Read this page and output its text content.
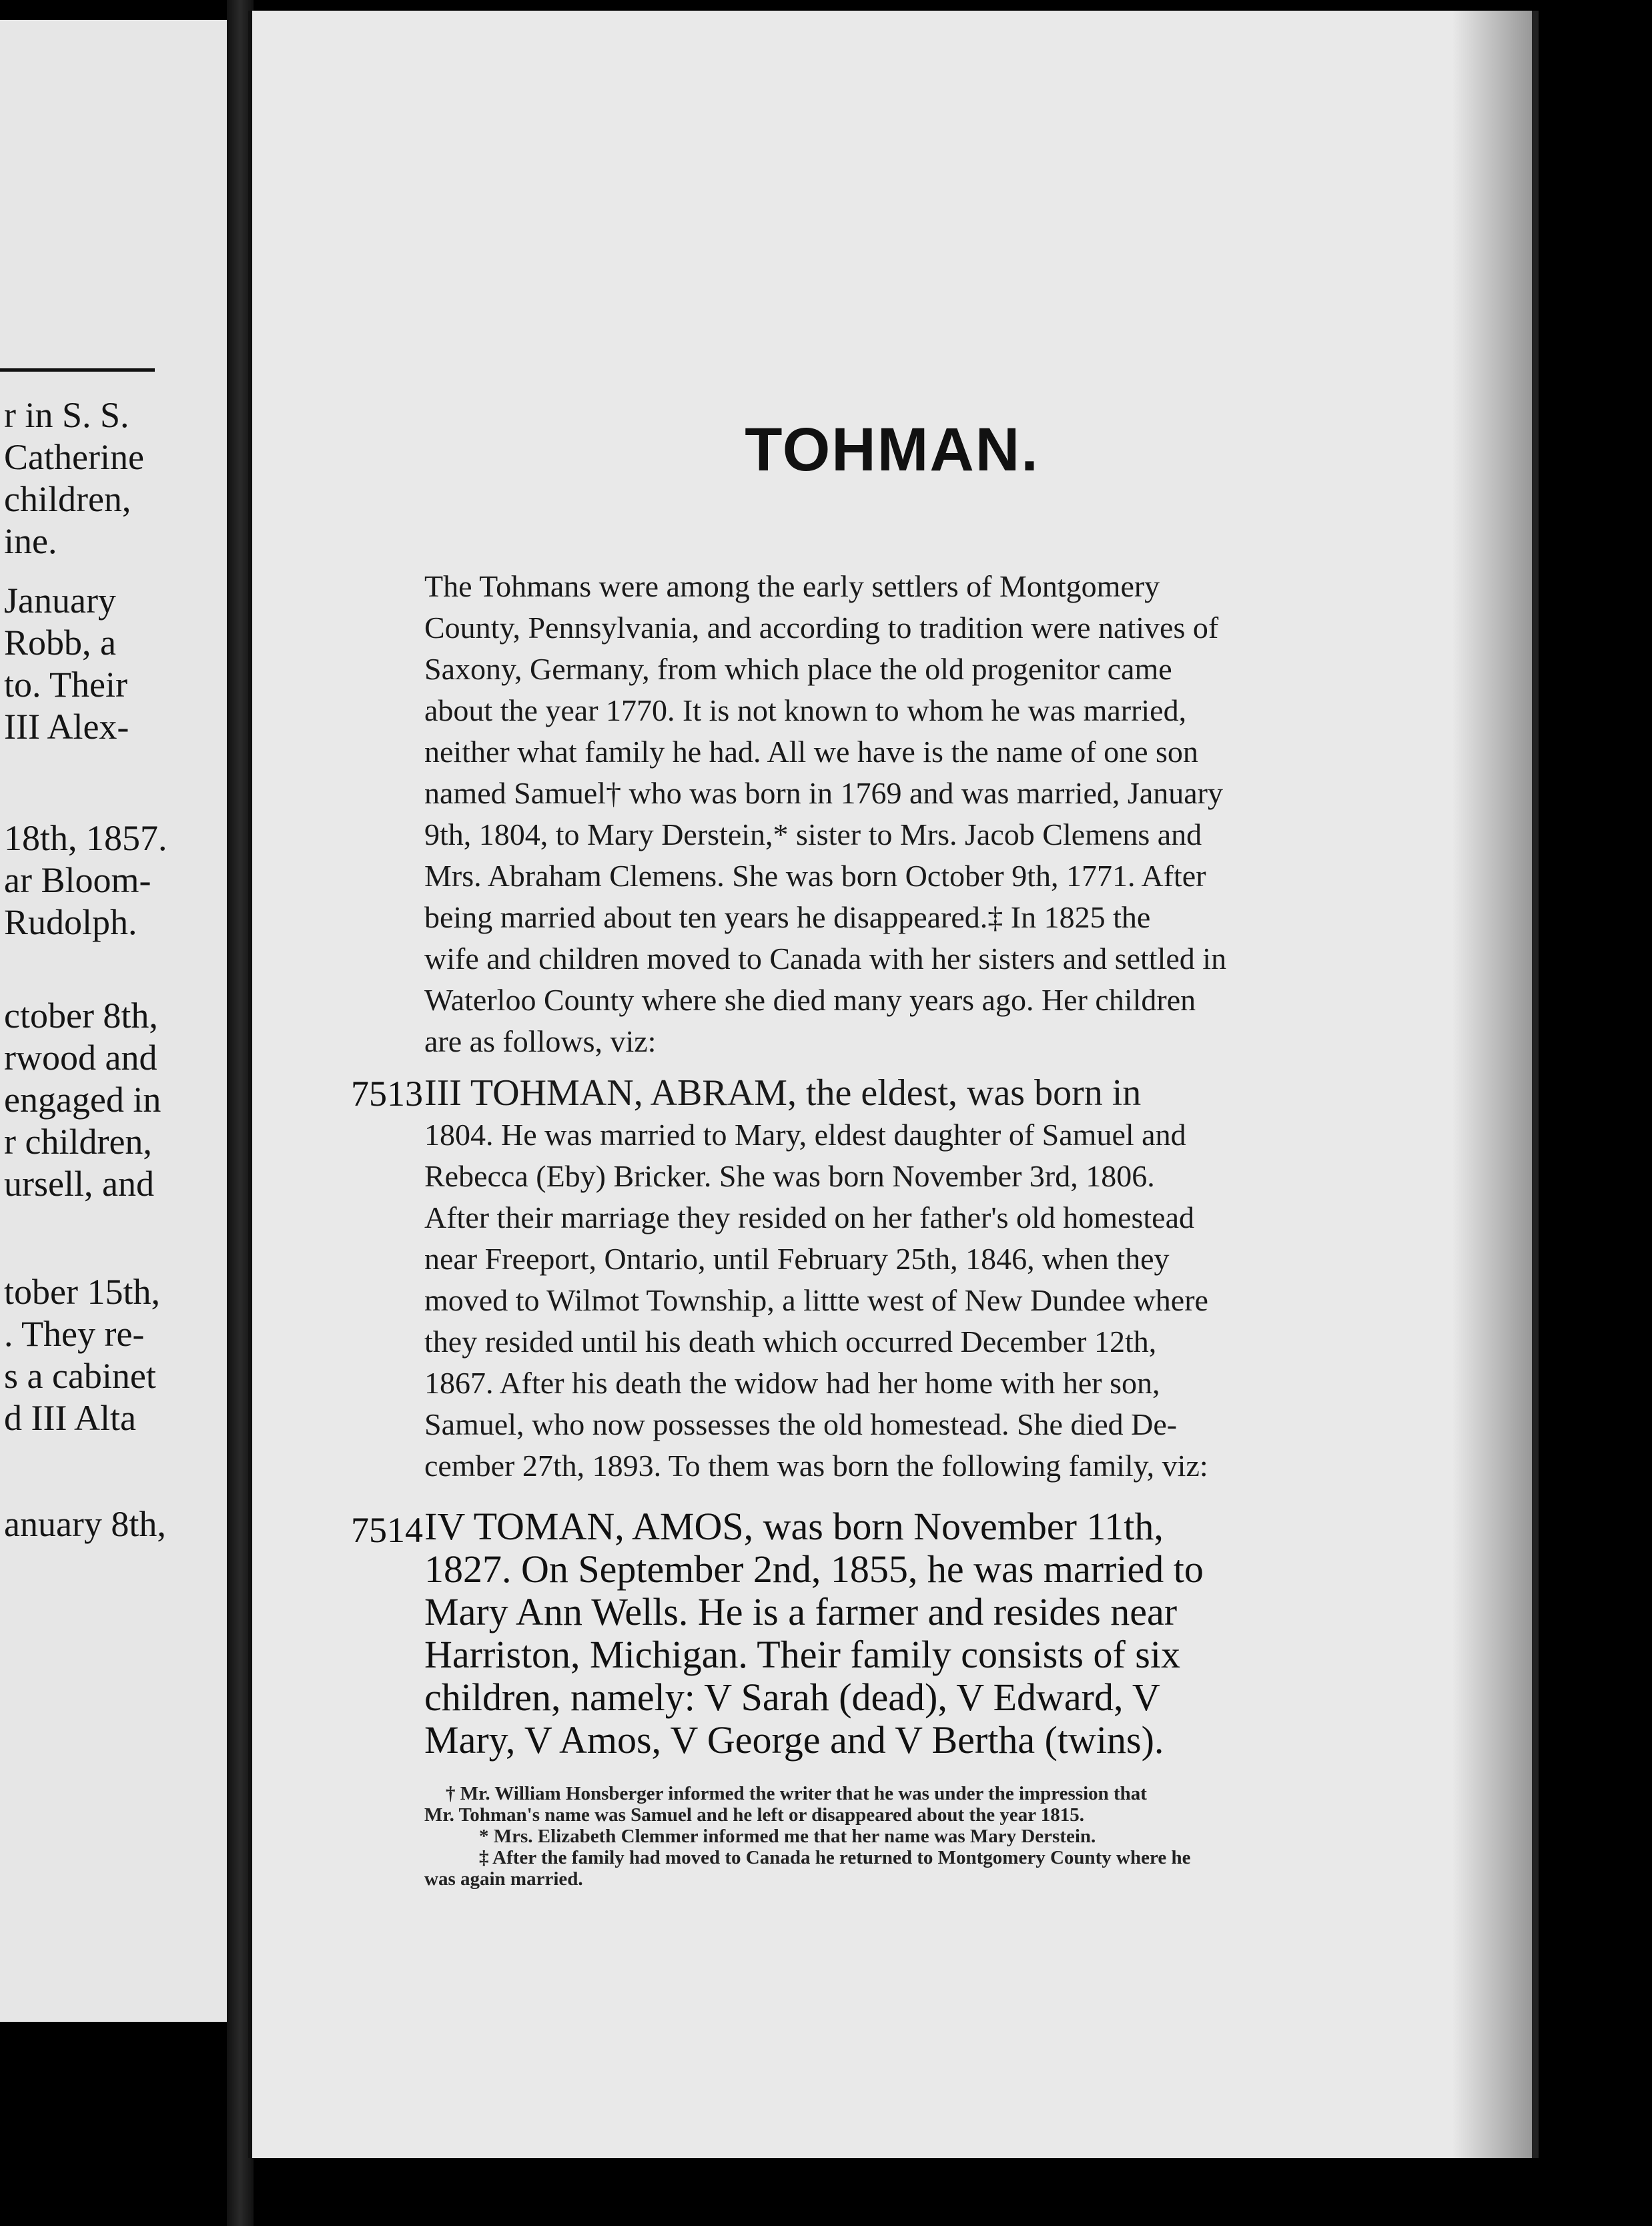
r in S. S.
Catherine
children,
ine.
January
Robb, a
to. Their
III Alex-
18th, 1857.
ar Bloom-
Rudolph.
ctober 8th,
rwood and
engaged in
r children,
ursell, and
tober 15th,
. They re-
s a cabinet
d III Alta
anuary 8th,
TOHMAN.
The Tohmans were among the early settlers of Montgomery
County, Pennsylvania, and according to tradition were natives of
Saxony, Germany, from which place the old progenitor came
about the year 1770. It is not known to whom he was married,
neither what family he had. All we have is the name of one son
named Samuel† who was born in 1769 and was married, January
9th, 1804, to Mary Derstein,* sister to Mrs. Jacob Clemens and
Mrs. Abraham Clemens. She was born October 9th, 1771. After
being married about ten years he disappeared.‡ In 1825 the
wife and children moved to Canada with her sisters and settled in
Waterloo County where she died many years ago. Her children
are as follows, viz:
7513 III TOHMAN, ABRAM, the eldest, was born in
1804. He was married to Mary, eldest daughter of Samuel and
Rebecca (Eby) Bricker. She was born November 3rd, 1806.
After their marriage they resided on her father's old homestead
near Freeport, Ontario, until February 25th, 1846, when they
moved to Wilmot Township, a littte west of New Dundee where
they resided until his death which occurred December 12th,
1867. After his death the widow had her home with her son,
Samuel, who now possesses the old homestead. She died De-
cember 27th, 1893. To them was born the following family, viz:
7514 IV TOMAN, AMOS, was born November 11th,
1827. On September 2nd, 1855, he was married to
Mary Ann Wells. He is a farmer and resides near
Harriston, Michigan. Their family consists of six
children, namely: V Sarah (dead), V Edward, V
Mary, V Amos, V George and V Bertha (twins).
† Mr. William Honsberger informed the writer that he was under the impression that
Mr. Tohman's name was Samuel and he left or disappeared about the year 1815.
* Mrs. Elizabeth Clemmer informed me that her name was Mary Derstein.
‡ After the family had moved to Canada he returned to Montgomery County where he
was again married.
